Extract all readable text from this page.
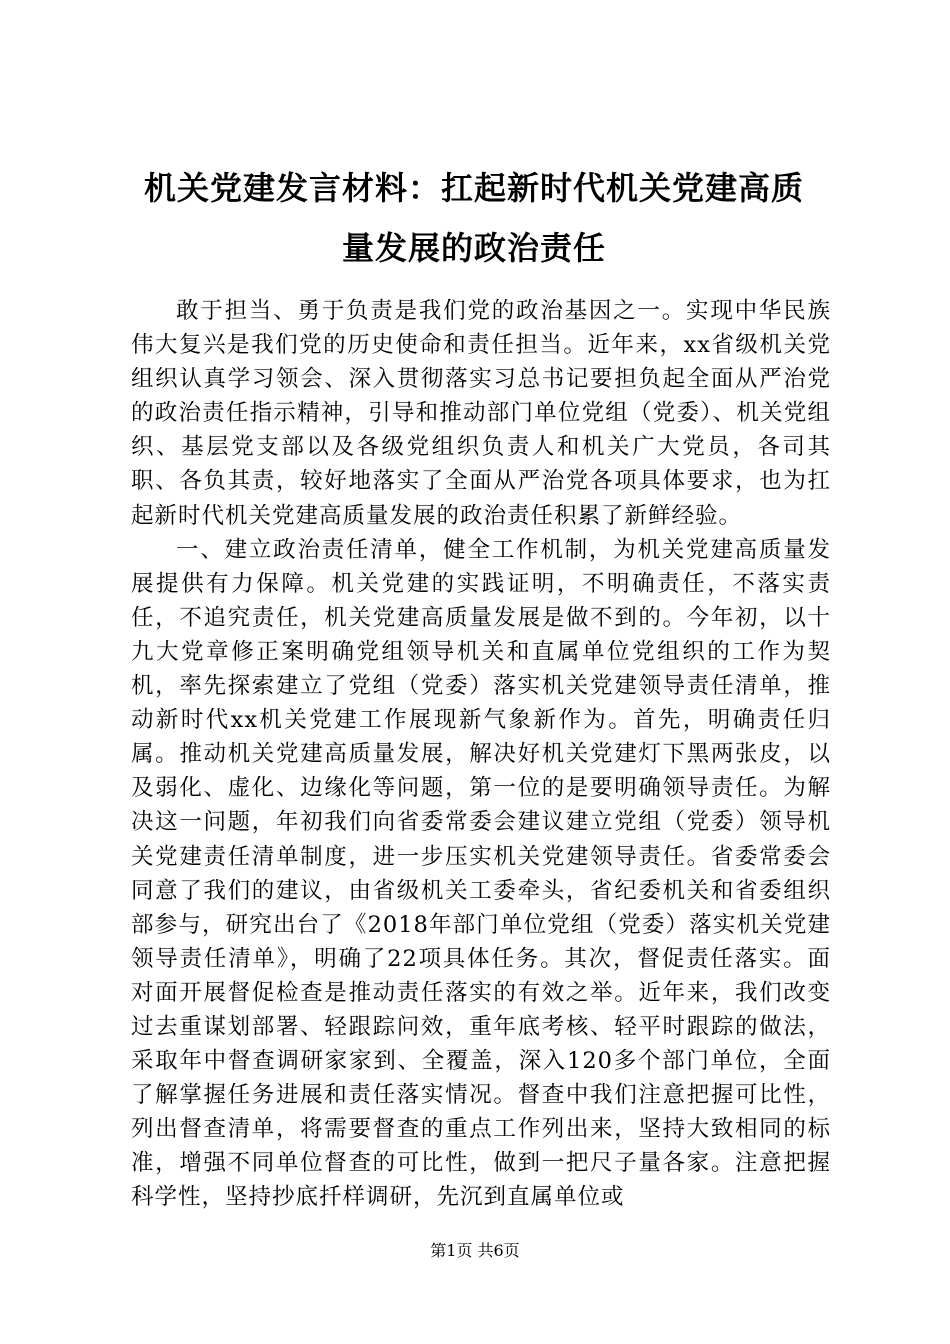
机关党建发言材料：扛起新时代机关党建高质
量发展的政治责任

敢于担当、勇于负责是我们党的政治基因之一。实现中华民族伟大复兴是我们党的历史使命和责任担当。近年来，xx省级机关党组织认真学习领会、深入贯彻落实习总书记要担负起全面从严治党的政治责任指示精神，引导和推动部门单位党组（党委）、机关党组织、基层党支部以及各级党组织负责人和机关广大党员，各司其职、各负其责，较好地落实了全面从严治党各项具体要求，也为扛起新时代机关党建高质量发展的政治责任积累了新鲜经验。

一、建立政治责任清单，健全工作机制，为机关党建高质量发展提供有力保障。机关党建的实践证明，不明确责任，不落实责任，不追究责任，机关党建高质量发展是做不到的。今年初，以十九大党章修正案明确党组领导机关和直属单位党组织的工作为契机，率先探索建立了党组（党委）落实机关党建领导责任清单，推动新时代xx机关党建工作展现新气象新作为。首先，明确责任归属。推动机关党建高质量发展，解决好机关党建灯下黑两张皮，以及弱化、虚化、边缘化等问题，第一位的是要明确领导责任。为解决这一问题，年初我们向省委常委会建议建立党组（党委）领导机关党建责任清单制度，进一步压实机关党建领导责任。省委常委会同意了我们的建议，由省级机关工委牵头，省纪委机关和省委组织部参与，研究出台了《2018年部门单位党组（党委）落实机关党建领导责任清单》，明确了22项具体任务。其次，督促责任落实。面对面开展督促检查是推动责任落实的有效之举。近年来，我们改变过去重谋划部署、轻跟踪问效，重年底考核、轻平时跟踪的做法，采取年中督查调研家家到、全覆盖，深入120多个部门单位，全面了解掌握任务进展和责任落实情况。督查中我们注意把握可比性，列出督查清单，将需要督查的重点工作列出来，坚持大致相同的标准，增强不同单位督查的可比性，做到一把尺子量各家。注意把握科学性，坚持抄底扦样调研，先沉到直属单位或

第1页 共6页
